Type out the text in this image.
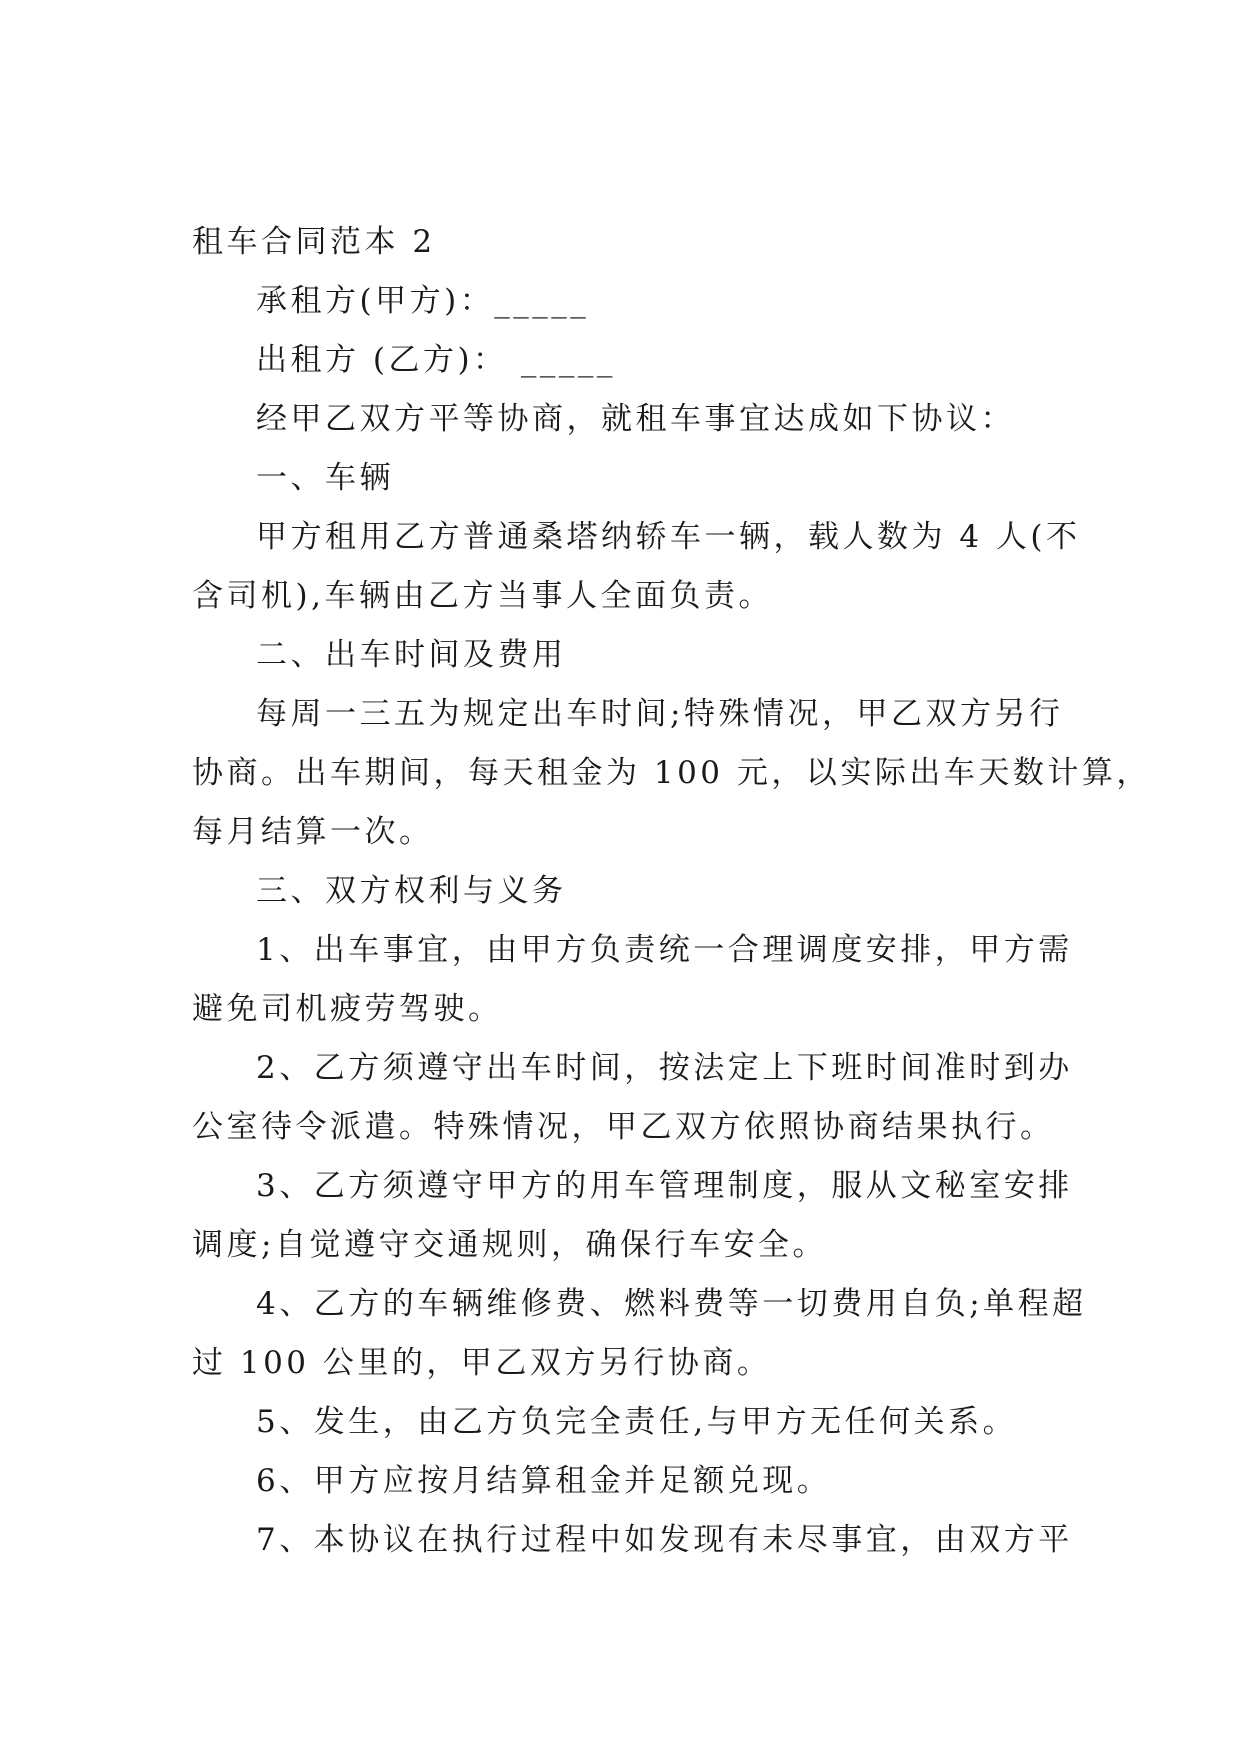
租车合同范本 2

承租方(甲方)：_____

出租方 (乙方)： _____

经甲乙双方平等协商，就租车事宜达成如下协议：

一、车辆

甲方租用乙方普通桑塔纳轿车一辆，载人数为 4 人(不

含司机),车辆由乙方当事人全面负责。

二、出车时间及费用

每周一三五为规定出车时间;特殊情况，甲乙双方另行

协商。出车期间，每天租金为 100 元，以实际出车天数计算，

每月结算一次。

三、双方权利与义务

1、出车事宜，由甲方负责统一合理调度安排，甲方需

避免司机疲劳驾驶。

2、乙方须遵守出车时间，按法定上下班时间准时到办

公室待令派遣。特殊情况，甲乙双方依照协商结果执行。

3、乙方须遵守甲方的用车管理制度，服从文秘室安排

调度;自觉遵守交通规则，确保行车安全。

4、乙方的车辆维修费、燃料费等一切费用自负;单程超

过 100 公里的，甲乙双方另行协商。

5、发生，由乙方负完全责任,与甲方无任何关系。

6、甲方应按月结算租金并足额兑现。

7、本协议在执行过程中如发现有未尽事宜，由双方平
